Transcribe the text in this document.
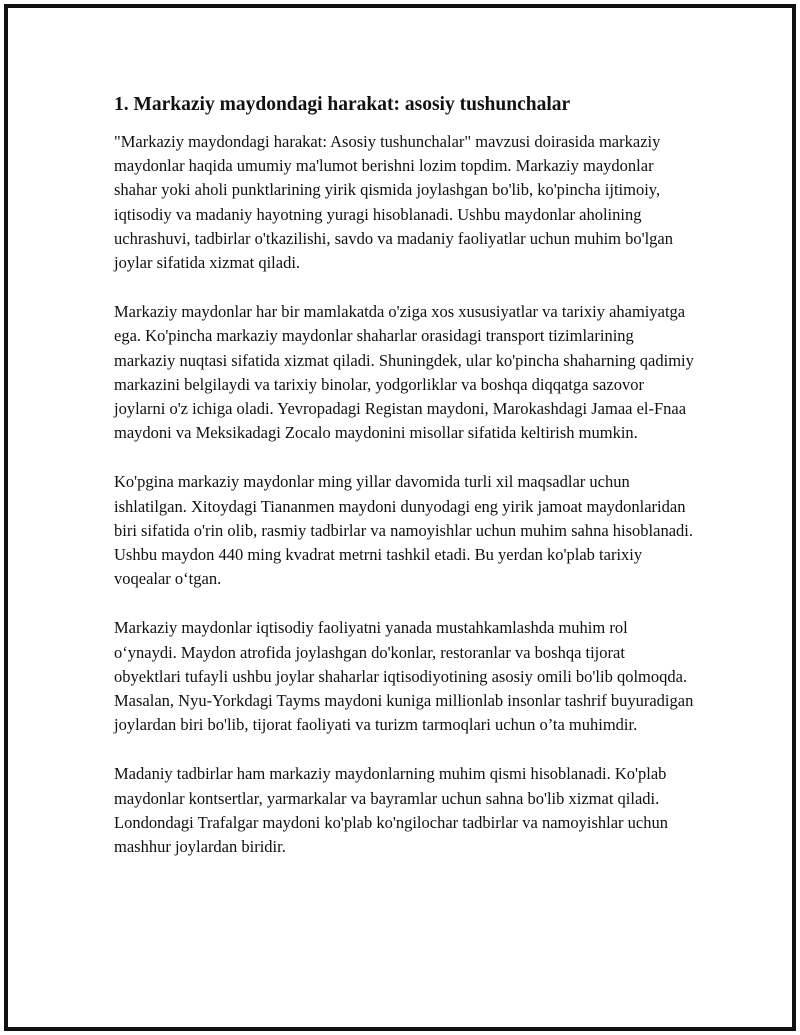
1. Markaziy maydondagi harakat: asosiy tushunchalar

"Markaziy maydondagi harakat: Asosiy tushunchalar" mavzusi doirasida markaziy maydonlar haqida umumiy ma'lumot berishni lozim topdim. Markaziy maydonlar shahar yoki aholi punktlarining yirik qismida joylashgan bo'lib, ko'pincha ijtimoiy, iqtisodiy va madaniy hayotning yuragi hisoblanadi. Ushbu maydonlar aholining uchrashuvi, tadbirlar o'tkazilishi, savdo va madaniy faoliyatlar uchun muhim bo'lgan joylar sifatida xizmat qiladi.

Markaziy maydonlar har bir mamlakatda o'ziga xos xususiyatlar va tarixiy ahamiyatga ega. Ko'pincha markaziy maydonlar shaharlar orasidagi transport tizimlarining markaziy nuqtasi sifatida xizmat qiladi. Shuningdek, ular ko'pincha shaharning qadimiy markazini belgilaydi va tarixiy binolar, yodgorliklar va boshqa diqqatga sazovor joylarni o'z ichiga oladi. Yevropadagi Registan maydoni, Marokashdagi Jamaa el-Fnaa maydoni va Meksikadagi Zocalo maydonini misollar sifatida keltirish mumkin.

Ko'pgina markaziy maydonlar ming yillar davomida turli xil maqsadlar uchun ishlatilgan. Xitoydagi Tiananmen maydoni dunyodagi eng yirik jamoat maydonlaridan biri sifatida o'rin olib, rasmiy tadbirlar va namoyishlar uchun muhim sahna hisoblanadi. Ushbu maydon 440 ming kvadrat metrni tashkil etadi. Bu yerdan ko'plab tarixiy voqealar o‘tgan.

Markaziy maydonlar iqtisodiy faoliyatni yanada mustahkamlashda muhim rol o‘ynaydi. Maydon atrofida joylashgan do'konlar, restoranlar va boshqa tijorat obyektlari tufayli ushbu joylar shaharlar iqtisodiyotining asosiy omili bo'lib qolmoqda. Masalan, Nyu-Yorkdagi Tayms maydoni kuniga millionlab insonlar tashrif buyuradigan joylardan biri bo'lib, tijorat faoliyati va turizm tarmoqlari uchun o’ta muhimdir.

Madaniy tadbirlar ham markaziy maydonlarning muhim qismi hisoblanadi. Ko'plab maydonlar kontsertlar, yarmarkalar va bayramlar uchun sahna bo'lib xizmat qiladi. Londondagi Trafalgar maydoni ko'plab ko'ngilochar tadbirlar va namoyishlar uchun mashhur joylardan biridir.
